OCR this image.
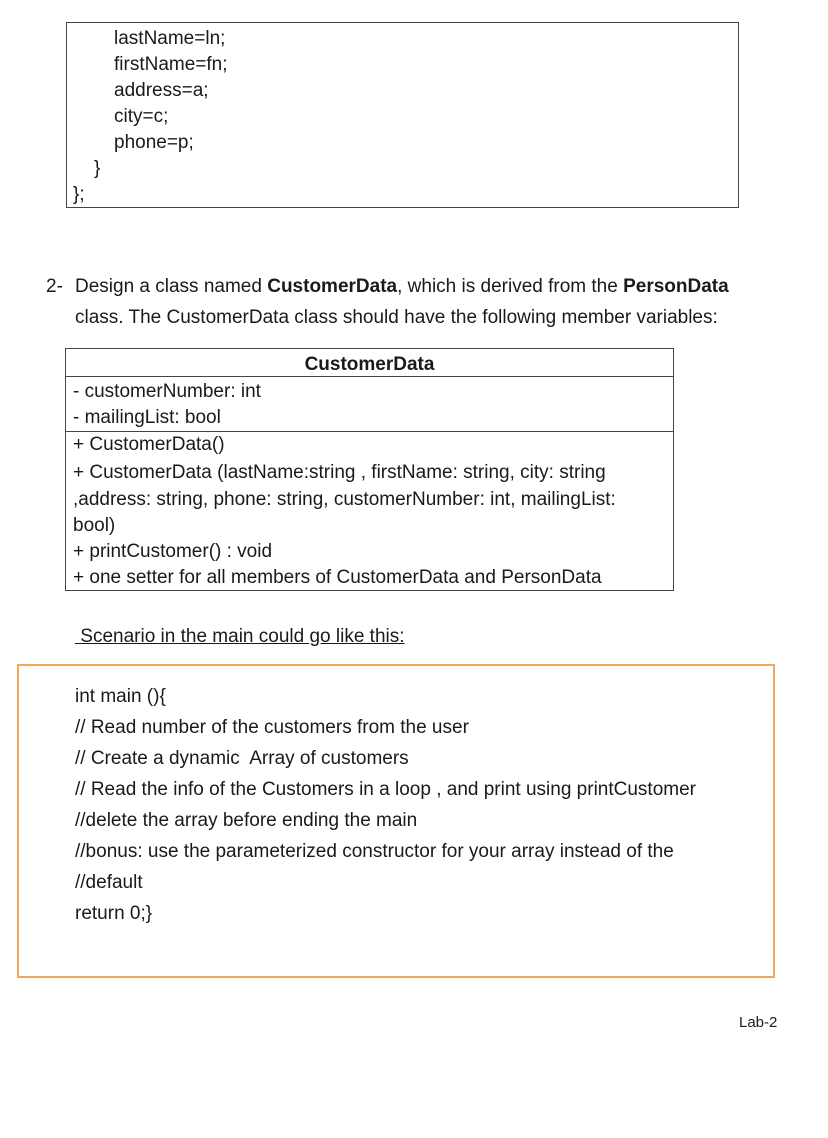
lastName=ln;
firstName=fn;
address=a;
city=c;
phone=p;
}
};
2- Design a class named CustomerData, which is derived from the PersonData
class. The CustomerData class should have the following member variables:
CustomerData
- customerNumber: int
- mailingList: bool
+ CustomerData()
+ CustomerData (lastName:string , firstName: string, city: string
,address: string, phone: string, customerNumber: int, mailingList:
bool)
+ printCustomer() : void
+ one setter for all members of CustomerData and PersonData
Scenario in the main could go like this:
int main (){
// Read number of the customers from the user
// Create a dynamic  Array of customers
// Read the info of the Customers in a loop , and print using printCustomer
//delete the array before ending the main
//bonus: use the parameterized constructor for your array instead of the
//default
return 0;}
Lab-2
